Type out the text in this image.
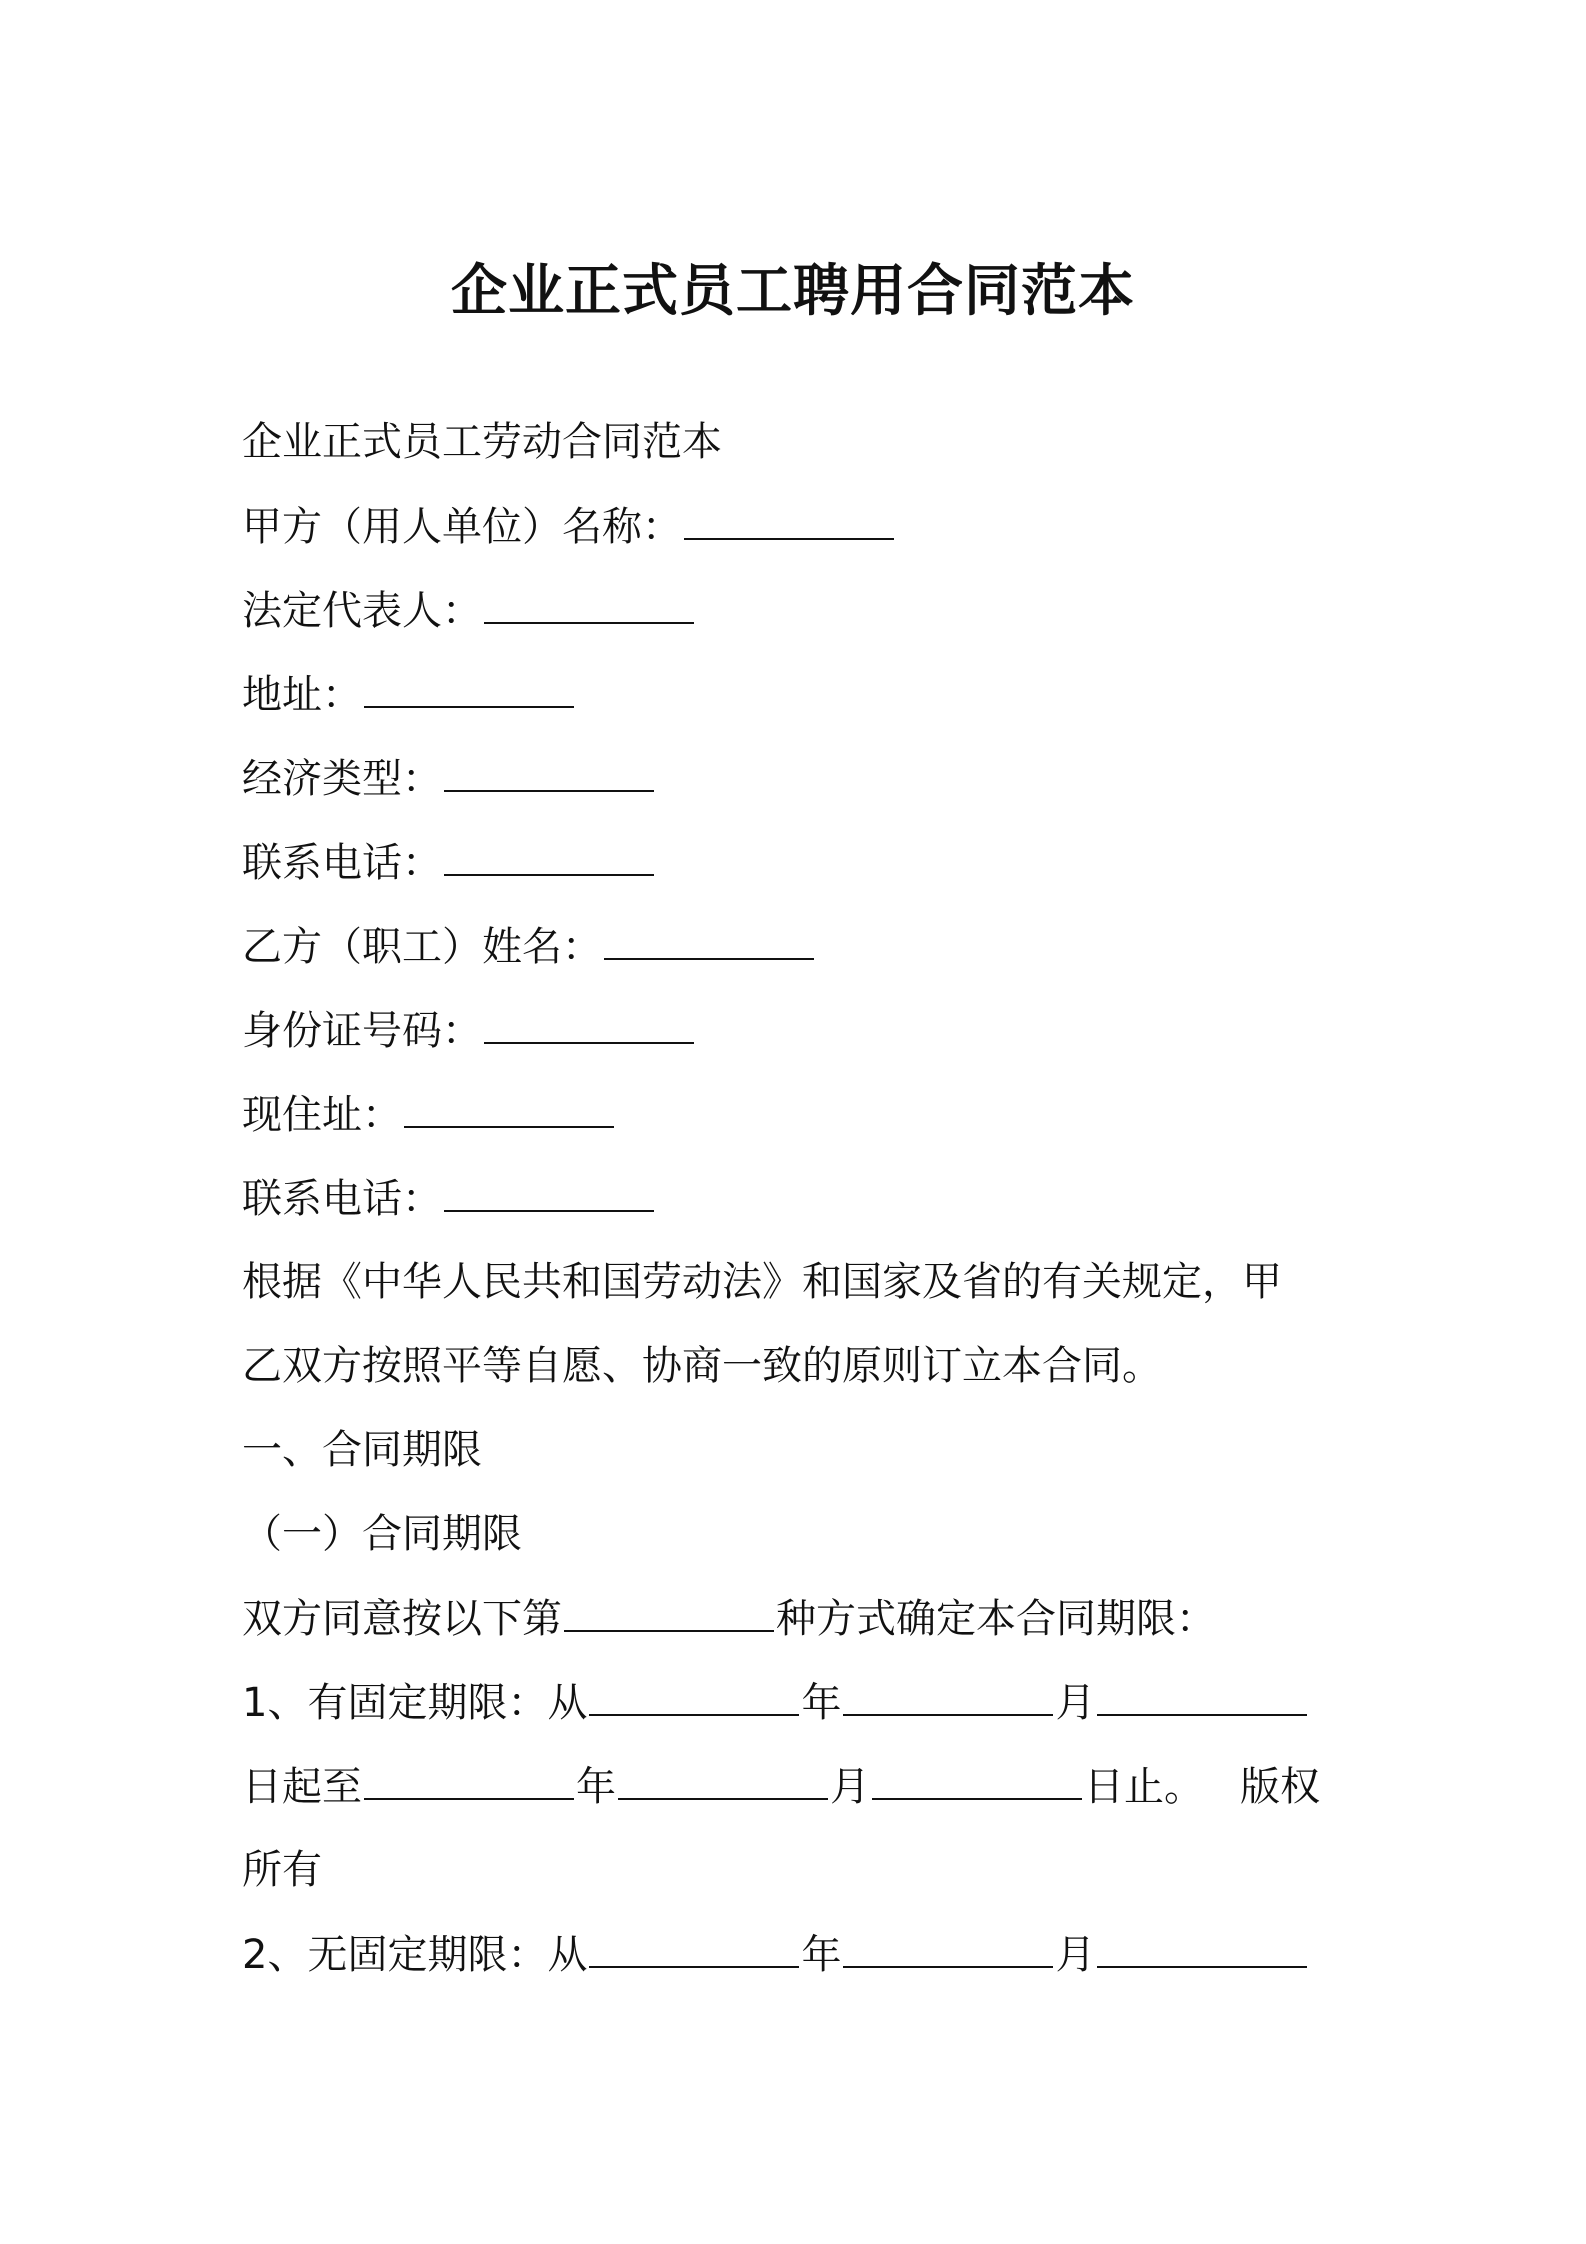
企业正式员工聘用合同范本
企业正式员工劳动合同范本
甲方（用人单位）名称：
法定代表人：
地址：
经济类型：
联系电话：
乙方（职工）姓名：
身份证号码：
现住址：
联系电话：
根据《中华人民共和国劳动法》和国家及省的有关规定，甲
乙双方按照平等自愿、协商一致的原则订立本合同。
一、合同期限
（一）合同期限
双方同意按以下第	种方式确定本合同期限：
1、有固定期限：从	年	月
日起至	年	月	日止。 版权
所有
2、无固定期限：从	年	月
